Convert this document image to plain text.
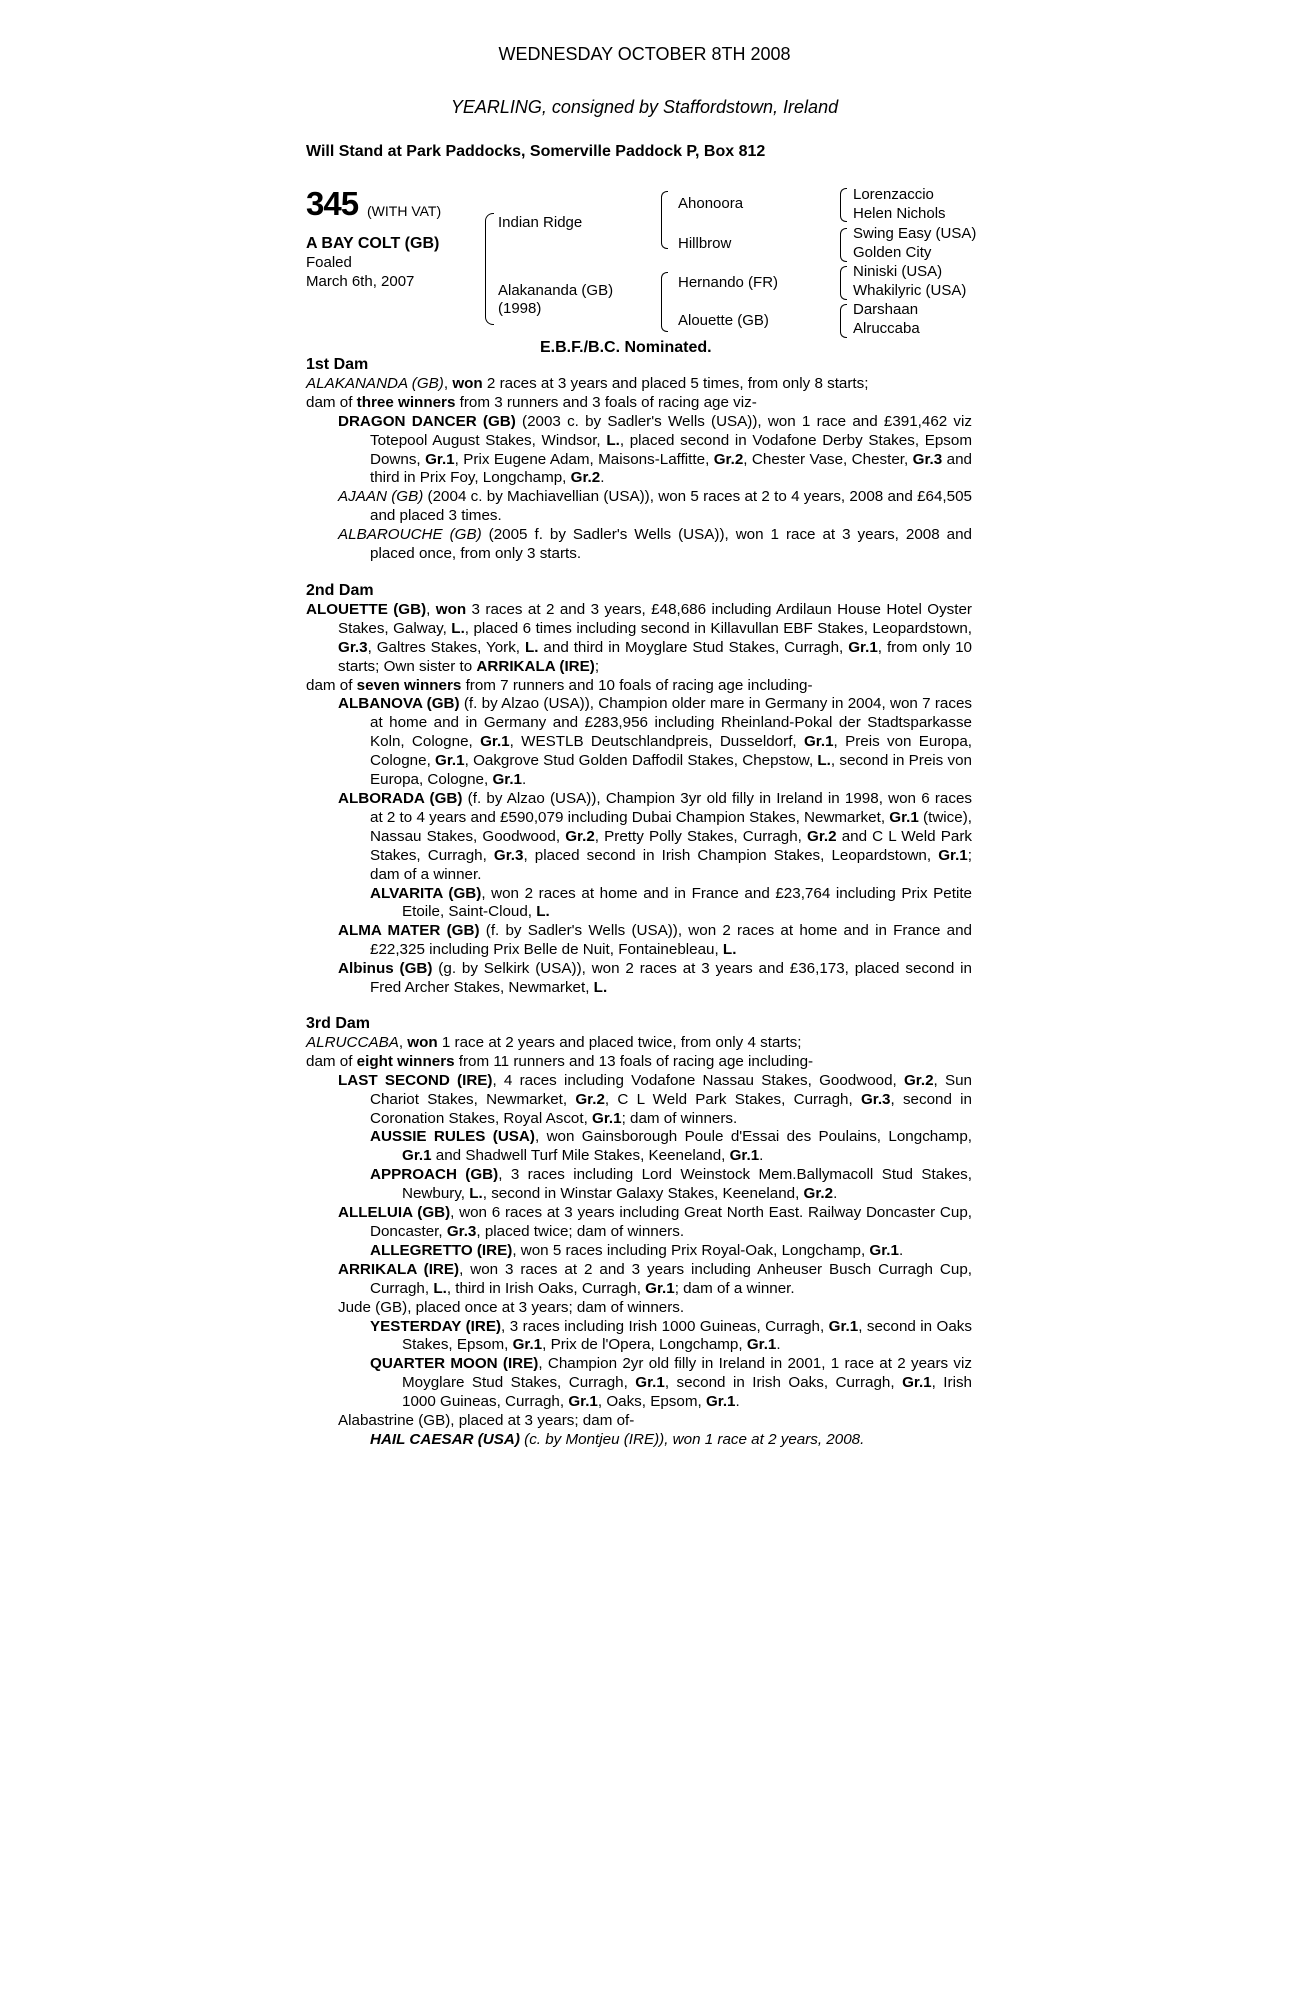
WEDNESDAY OCTOBER 8TH 2008
YEARLING, consigned by Staffordstown, Ireland
Will Stand at Park Paddocks, Somerville Paddock P, Box 812
345 (WITH VAT)
A BAY COLT (GB)
Foaled
March 6th, 2007
Indian Ridge
Alakananda (GB)
(1998)
Ahonoora
Hillbrow
Hernando (FR)
Alouette (GB)
Lorenzaccio
Helen Nichols
Swing Easy (USA)
Golden City
Niniski (USA)
Whakilyric (USA)
Darshaan
Alruccaba
E.B.F./B.C. Nominated.

1st Dam

ALAKANANDA (GB), won 2 races at 3 years and placed 5 times, from only 8 starts;

dam of three winners from 3 runners and 3 foals of racing age viz-

DRAGON DANCER (GB) (2003 c. by Sadler's Wells (USA)), won 1 race and £391,462 viz Totepool August Stakes, Windsor, L., placed second in Vodafone Derby Stakes, Epsom Downs, Gr.1, Prix Eugene Adam, Maisons-Laffitte, Gr.2, Chester Vase, Chester, Gr.3 and third in Prix Foy, Longchamp, Gr.2.

AJAAN (GB) (2004 c. by Machiavellian (USA)), won 5 races at 2 to 4 years, 2008 and £64,505 and placed 3 times.

ALBAROUCHE (GB) (2005 f. by Sadler's Wells (USA)), won 1 race at 3 years, 2008 and placed once, from only 3 starts.

2nd Dam

ALOUETTE (GB), won 3 races at 2 and 3 years, £48,686 including Ardilaun House Hotel Oyster Stakes, Galway, L., placed 6 times including second in Killavullan EBF Stakes, Leopardstown, Gr.3, Galtres Stakes, York, L. and third in Moyglare Stud Stakes, Curragh, Gr.1, from only 10 starts; Own sister to ARRIKALA (IRE);

dam of seven winners from 7 runners and 10 foals of racing age including-

ALBANOVA (GB) (f. by Alzao (USA)), Champion older mare in Germany in 2004, won 7 races at home and in Germany and £283,956 including Rheinland-Pokal der Stadtsparkasse Koln, Cologne, Gr.1, WESTLB Deutschlandpreis, Dusseldorf, Gr.1, Preis von Europa, Cologne, Gr.1, Oakgrove Stud Golden Daffodil Stakes, Chepstow, L., second in Preis von Europa, Cologne, Gr.1.

ALBORADA (GB) (f. by Alzao (USA)), Champion 3yr old filly in Ireland in 1998, won 6 races at 2 to 4 years and £590,079 including Dubai Champion Stakes, Newmarket, Gr.1 (twice), Nassau Stakes, Goodwood, Gr.2, Pretty Polly Stakes, Curragh, Gr.2 and C L Weld Park Stakes, Curragh, Gr.3, placed second in Irish Champion Stakes, Leopardstown, Gr.1; dam of a winner.

ALVARITA (GB), won 2 races at home and in France and £23,764 including Prix Petite Etoile, Saint-Cloud, L.

ALMA MATER (GB) (f. by Sadler's Wells (USA)), won 2 races at home and in France and £22,325 including Prix Belle de Nuit, Fontainebleau, L.

Albinus (GB) (g. by Selkirk (USA)), won 2 races at 3 years and £36,173, placed second in Fred Archer Stakes, Newmarket, L.

3rd Dam

ALRUCCABA, won 1 race at 2 years and placed twice, from only 4 starts;

dam of eight winners from 11 runners and 13 foals of racing age including-

LAST SECOND (IRE), 4 races including Vodafone Nassau Stakes, Goodwood, Gr.2, Sun Chariot Stakes, Newmarket, Gr.2, C L Weld Park Stakes, Curragh, Gr.3, second in Coronation Stakes, Royal Ascot, Gr.1; dam of winners.

AUSSIE RULES (USA), won Gainsborough Poule d'Essai des Poulains, Longchamp, Gr.1 and Shadwell Turf Mile Stakes, Keeneland, Gr.1.

APPROACH (GB), 3 races including Lord Weinstock Mem.Ballymacoll Stud Stakes, Newbury, L., second in Winstar Galaxy Stakes, Keeneland, Gr.2.

ALLELUIA (GB), won 6 races at 3 years including Great North East. Railway Doncaster Cup, Doncaster, Gr.3, placed twice; dam of winners.

ALLEGRETTO (IRE), won 5 races including Prix Royal-Oak, Longchamp, Gr.1.

ARRIKALA (IRE), won 3 races at 2 and 3 years including Anheuser Busch Curragh Cup, Curragh, L., third in Irish Oaks, Curragh, Gr.1; dam of a winner.

Jude (GB), placed once at 3 years; dam of winners.

YESTERDAY (IRE), 3 races including Irish 1000 Guineas, Curragh, Gr.1, second in Oaks Stakes, Epsom, Gr.1, Prix de l'Opera, Longchamp, Gr.1.

QUARTER MOON (IRE), Champion 2yr old filly in Ireland in 2001, 1 race at 2 years viz Moyglare Stud Stakes, Curragh, Gr.1, second in Irish Oaks, Curragh, Gr.1, Irish 1000 Guineas, Curragh, Gr.1, Oaks, Epsom, Gr.1.

Alabastrine (GB), placed at 3 years; dam of-

HAIL CAESAR (USA) (c. by Montjeu (IRE)), won 1 race at 2 years, 2008.
